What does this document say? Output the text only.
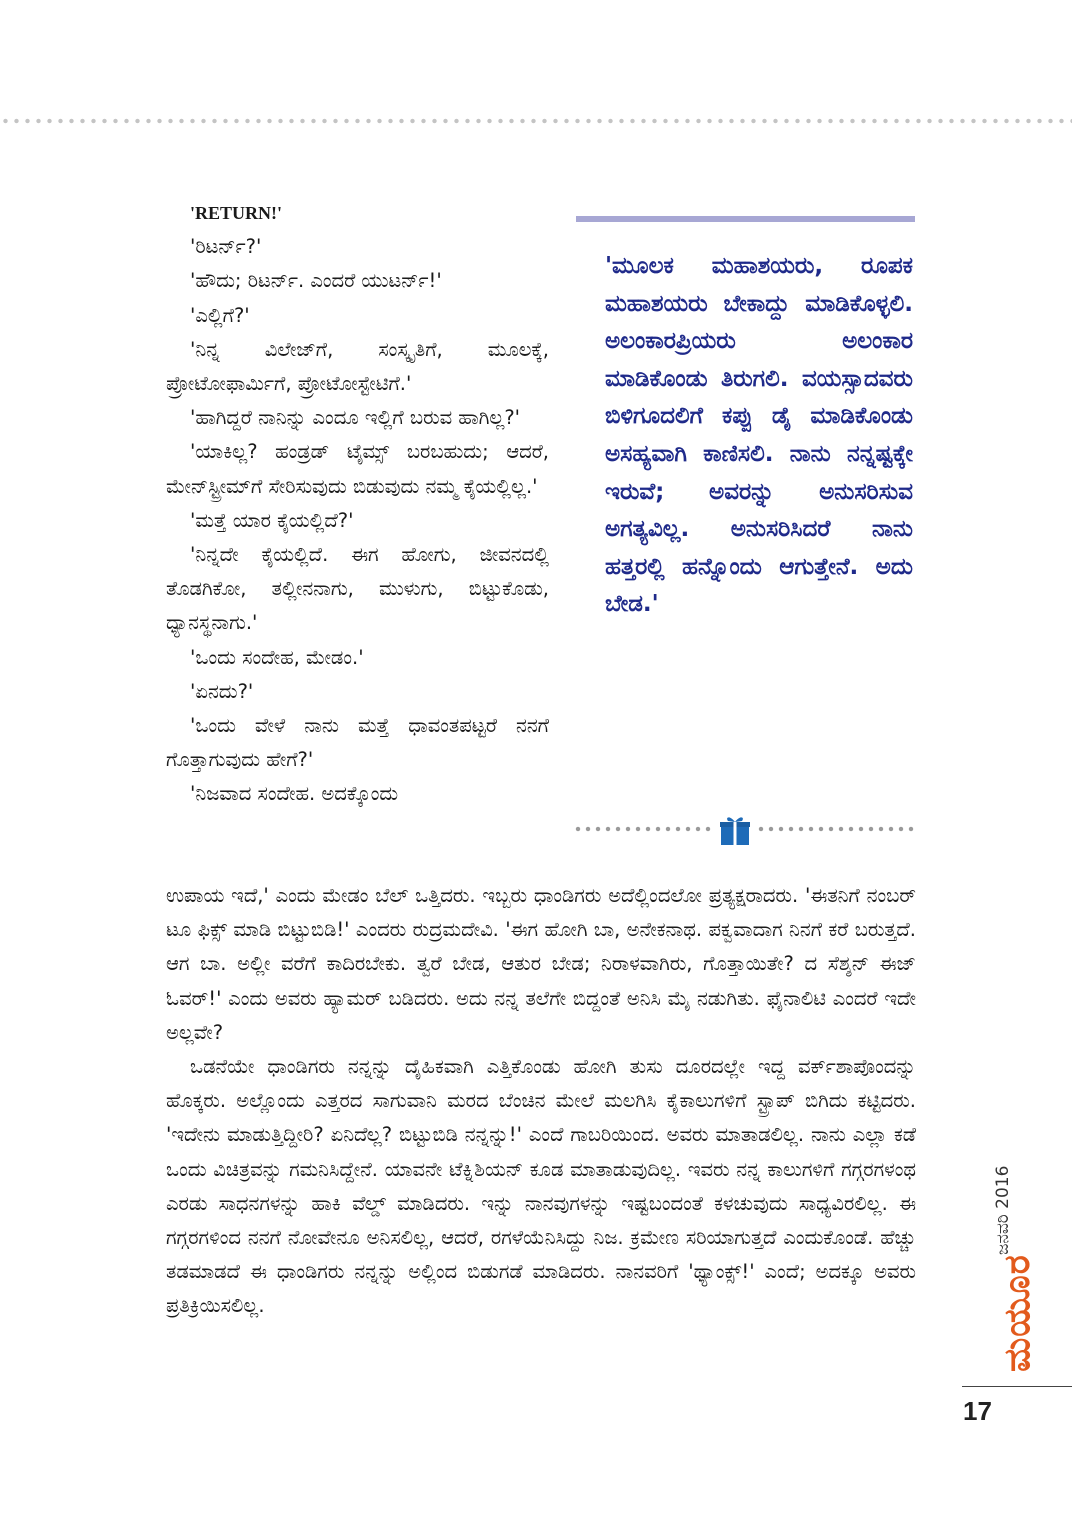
'RETURN!'

'ರಿಟರ್ನ್?'

'ಹೌದು; ರಿಟರ್ನ್. ಎಂದರೆ ಯುಟರ್ನ್!'

'ಎಲ್ಲಿಗೆ?'

'ನಿನ್ನ ವಿಲೇಜ್‌ಗೆ, ಸಂಸ್ಕೃತಿಗೆ, ಮೂಲಕ್ಕೆ, ಪ್ರೋಟೋಫಾರ್ಮಿಗೆ, ಪ್ರೋಟೋಸ್ಟೇಟಿಗೆ.'

'ಹಾಗಿದ್ದರೆ ನಾನಿನ್ನು ಎಂದೂ ಇಲ್ಲಿಗೆ ಬರುವ ಹಾಗಿಲ್ಲ?'

'ಯಾಕಿಲ್ಲ? ಹಂಡ್ರಡ್ ಟೈಮ್ಸ್ ಬರಬಹುದು; ಆದರೆ, ಮೇನ್‌ಸ್ಟ್ರೀಮ್‌ಗೆ ಸೇರಿಸುವುದು ಬಿಡುವುದು ನಮ್ಮ ಕೈಯಲ್ಲಿಲ್ಲ.'

'ಮತ್ತೆ ಯಾರ ಕೈಯಲ್ಲಿದೆ?'

'ನಿನ್ನದೇ ಕೈಯಲ್ಲಿದೆ. ಈಗ ಹೋಗು, ಜೀವನದಲ್ಲಿ ತೊಡಗಿಕೋ, ತಲ್ಲೀನನಾಗು, ಮುಳುಗು, ಬಿಟ್ಟುಕೊಡು, ಧ್ಯಾನಸ್ಥನಾಗು.'

'ಒಂದು ಸಂದೇಹ, ಮೇಡಂ.'

'ಏನದು?'

'ಒಂದು ವೇಳೆ ನಾನು ಮತ್ತೆ ಧಾವಂತಪಟ್ಟರೆ ನನಗೆ ಗೊತ್ತಾಗುವುದು ಹೇಗೆ?'

'ನಿಜವಾದ ಸಂದೇಹ. ಅದಕ್ಕೊಂದು

'ಮೂಲಕ ಮಹಾಶಯರು, ರೂಪಕ ಮಹಾಶಯರು ಬೇಕಾದ್ದು ಮಾಡಿಕೊಳ್ಳಲಿ. ಅಲಂಕಾರಪ್ರಿಯರು ಅಲಂಕಾರ ಮಾಡಿಕೊಂಡು ತಿರುಗಲಿ. ವಯಸ್ಸಾದವರು ಬಿಳಿಗೂದಲಿಗೆ ಕಪ್ಪು ಡೈ ಮಾಡಿಕೊಂಡು ಅಸಹ್ಯವಾಗಿ ಕಾಣಿಸಲಿ. ನಾನು ನನ್ನಷ್ಟಕ್ಕೇ ಇರುವೆ; ಅವರನ್ನು ಅನುಸರಿಸುವ ಅಗತ್ಯವಿಲ್ಲ. ಅನುಸರಿಸಿದರೆ ನಾನು ಹತ್ತರಲ್ಲಿ ಹನ್ನೊಂದು ಆಗುತ್ತೇನೆ. ಅದು ಬೇಡ.'

ಉಪಾಯ ಇದೆ,' ಎಂದು ಮೇಡಂ ಬೆಲ್ ಒತ್ತಿದರು. ಇಬ್ಬರು ಧಾಂಡಿಗರು ಅದೆಲ್ಲಿಂದಲೋ ಪ್ರತ್ಯಕ್ಷರಾದರು. 'ಈತನಿಗೆ ನಂಬರ್ ಟೂ ಫಿಕ್ಸ್ ಮಾಡಿ ಬಿಟ್ಟುಬಿಡಿ!' ಎಂದರು ರುದ್ರಮದೇವಿ. 'ಈಗ ಹೋಗಿ ಬಾ, ಅನೇಕನಾಥ. ಪಕ್ವವಾದಾಗ ನಿನಗೆ ಕರೆ ಬರುತ್ತದೆ. ಆಗ ಬಾ. ಅಲ್ಲೀ ವರೆಗೆ ಕಾದಿರಬೇಕು. ತ್ವರೆ ಬೇಡ, ಆತುರ ಬೇಡ; ನಿರಾಳವಾಗಿರು, ಗೊತ್ತಾಯಿತೇ? ದ ಸೆಶ್ಶನ್ ಈಜ್ ಓವರ್!' ಎಂದು ಅವರು ಹ್ಯಾಮರ್ ಬಡಿದರು. ಅದು ನನ್ನ ತಲೆಗೇ ಬಿದ್ದಂತೆ ಅನಿಸಿ ಮೈ ನಡುಗಿತು. ಫೈನಾಲಿಟಿ ಎಂದರೆ ಇದೇ ಅಲ್ಲವೇ?

ಒಡನೆಯೇ ಧಾಂಡಿಗರು ನನ್ನನ್ನು ದೈಹಿಕವಾಗಿ ಎತ್ತಿಕೊಂಡು ಹೋಗಿ ತುಸು ದೂರದಲ್ಲೇ ಇದ್ದ ವರ್ಕ್‌ಶಾಪೊಂದನ್ನು ಹೊಕ್ಕರು. ಅಲ್ಲೊಂದು ಎತ್ತರದ ಸಾಗುವಾನಿ ಮರದ ಬೆಂಚಿನ ಮೇಲೆ ಮಲಗಿಸಿ ಕೈಕಾಲುಗಳಿಗೆ ಸ್ಟ್ರಾಪ್ ಬಿಗಿದು ಕಟ್ಟಿದರು. 'ಇದೇನು ಮಾಡುತ್ತಿದ್ದೀರಿ? ಏನಿದೆಲ್ಲ? ಬಿಟ್ಟುಬಿಡಿ ನನ್ನನ್ನು!' ಎಂದೆ ಗಾಬರಿಯಿಂದ. ಅವರು ಮಾತಾಡಲಿಲ್ಲ. ನಾನು ಎಲ್ಲಾ ಕಡೆ ಒಂದು ವಿಚಿತ್ರವನ್ನು ಗಮನಿಸಿದ್ದೇನೆ. ಯಾವನೇ ಟೆಕ್ನಿಶಿಯನ್ ಕೂಡ ಮಾತಾಡುವುದಿಲ್ಲ. ಇವರು ನನ್ನ ಕಾಲುಗಳಿಗೆ ಗಗ್ಗರಗಳಂಥ ಎರಡು ಸಾಧನಗಳನ್ನು ಹಾಕಿ ವೆಲ್ಡ್ ಮಾಡಿದರು. ಇನ್ನು ನಾನವುಗಳನ್ನು ಇಷ್ಟಬಂದಂತೆ ಕಳಚುವುದು ಸಾಧ್ಯವಿರಲಿಲ್ಲ. ಈ ಗಗ್ಗರಗಳಿಂದ ನನಗೆ ನೋವೇನೂ ಅನಿಸಲಿಲ್ಲ, ಆದರೆ, ರಗಳೆಯೆನಿಸಿದ್ದು ನಿಜ. ಕ್ರಮೇಣ ಸರಿಯಾಗುತ್ತದೆ ಎಂದುಕೊಂಡೆ. ಹೆಚ್ಚು ತಡಮಾಡದೆ ಈ ಧಾಂಡಿಗರು ನನ್ನನ್ನು ಅಲ್ಲಿಂದ ಬಿಡುಗಡೆ ಮಾಡಿದರು. ನಾನವರಿಗೆ 'ಥ್ಯಾಂಕ್ಸ್!' ಎಂದೆ; ಅದಕ್ಕೂ ಅವರು ಪ್ರತಿಕ್ರಿಯಿಸಲಿಲ್ಲ.

ಜನವರಿ 2016
ಮಯೂರ
17
